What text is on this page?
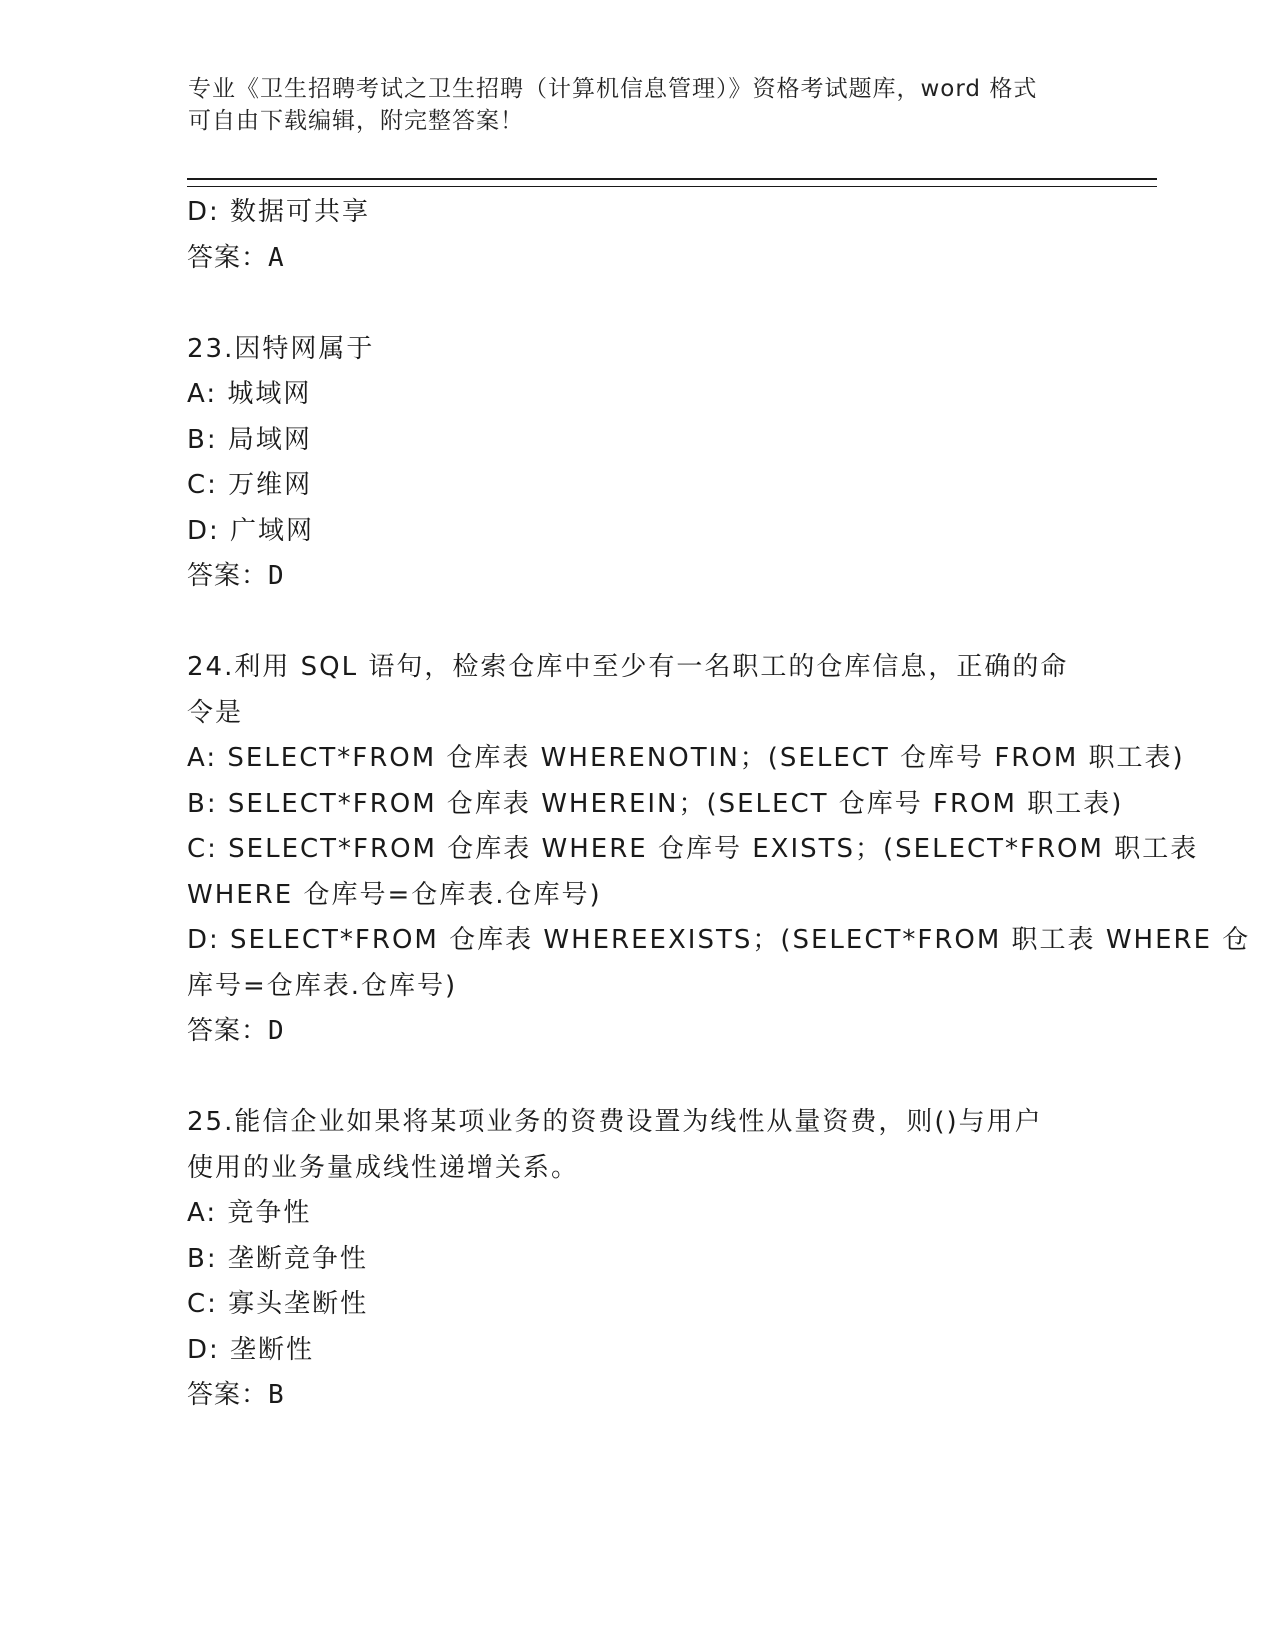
专业《卫生招聘考试之卫生招聘（计算机信息管理）》资格考试题库，word 格式
可自由下载编辑，附完整答案！
D: 数据可共享
答案：A
23.因特网属于
A: 城域网
B: 局域网
C: 万维网
D: 广域网
答案：D
24.利用 SQL 语句，检索仓库中至少有一名职工的仓库信息，正确的命
令是
A: SELECT*FROM 仓库表 WHERENOTIN；(SELECT 仓库号 FROM 职工表)
B: SELECT*FROM 仓库表 WHEREIN；(SELECT 仓库号 FROM 职工表)
C: SELECT*FROM 仓库表 WHERE 仓库号 EXISTS；(SELECT*FROM 职工表
WHERE 仓库号=仓库表.仓库号)
D: SELECT*FROM 仓库表 WHEREEXISTS；(SELECT*FROM 职工表 WHERE 仓
库号=仓库表.仓库号)
答案：D
25.能信企业如果将某项业务的资费设置为线性从量资费，则()与用户
使用的业务量成线性递增关系。
A: 竞争性
B: 垄断竞争性
C: 寡头垄断性
D: 垄断性
答案：B
